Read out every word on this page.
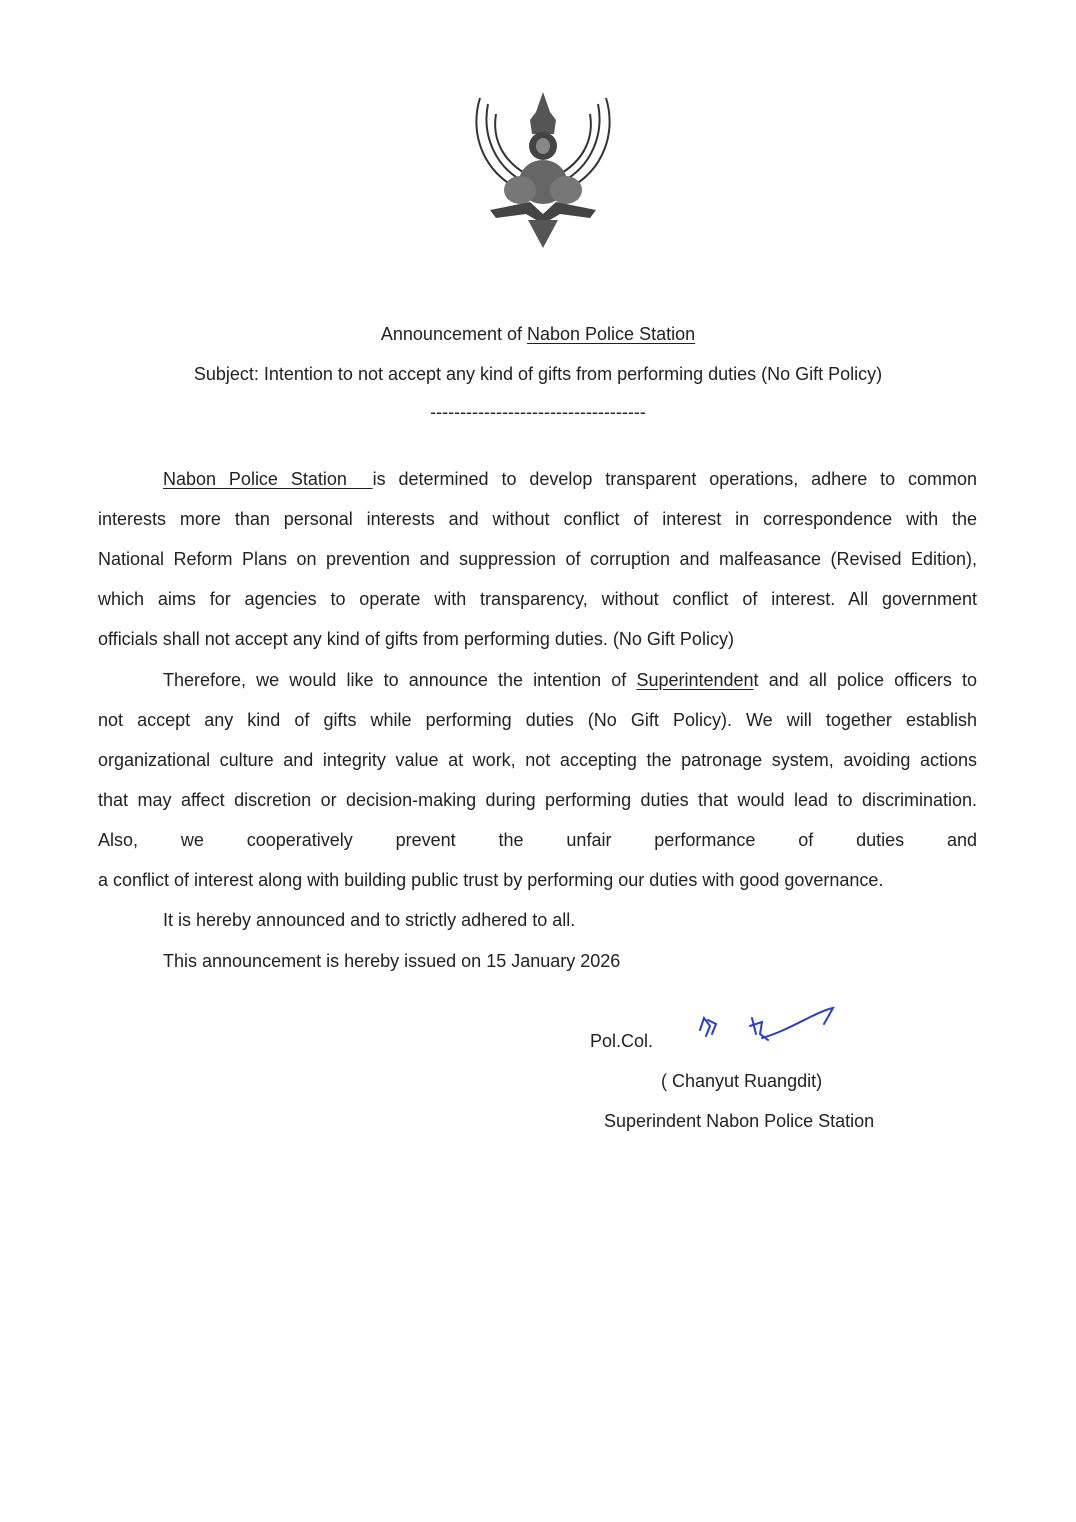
Announcement of Nabon Police Station
Subject: Intention to not accept any kind of gifts from performing duties (No Gift Policy)
------------------------------------
Nabon Police Station  is determined to develop transparent operations, adhere to common
interests more than personal interests and without conflict of interest in correspondence with the
National Reform Plans on prevention and suppression of corruption and malfeasance (Revised Edition),
which aims for agencies to operate with transparency, without conflict of interest. All government
officials shall not accept any kind of gifts from performing duties. (No Gift Policy)
Therefore, we would like to announce the intention of Superintendent and all police officers to
not accept any kind of gifts while performing duties (No Gift Policy). We will together establish
organizational culture and integrity value at work, not accepting the patronage system, avoiding actions
that may affect discretion or decision-making during performing duties that would lead to discrimination.
Also, we cooperatively prevent the unfair performance of duties and
a conflict of interest along with building public trust by performing our duties with good governance.
It is hereby announced and to strictly adhered to all.
This announcement is hereby issued on 15 January 2026
Pol.Col.
( Chanyut Ruangdit)
Superindent Nabon Police Station
